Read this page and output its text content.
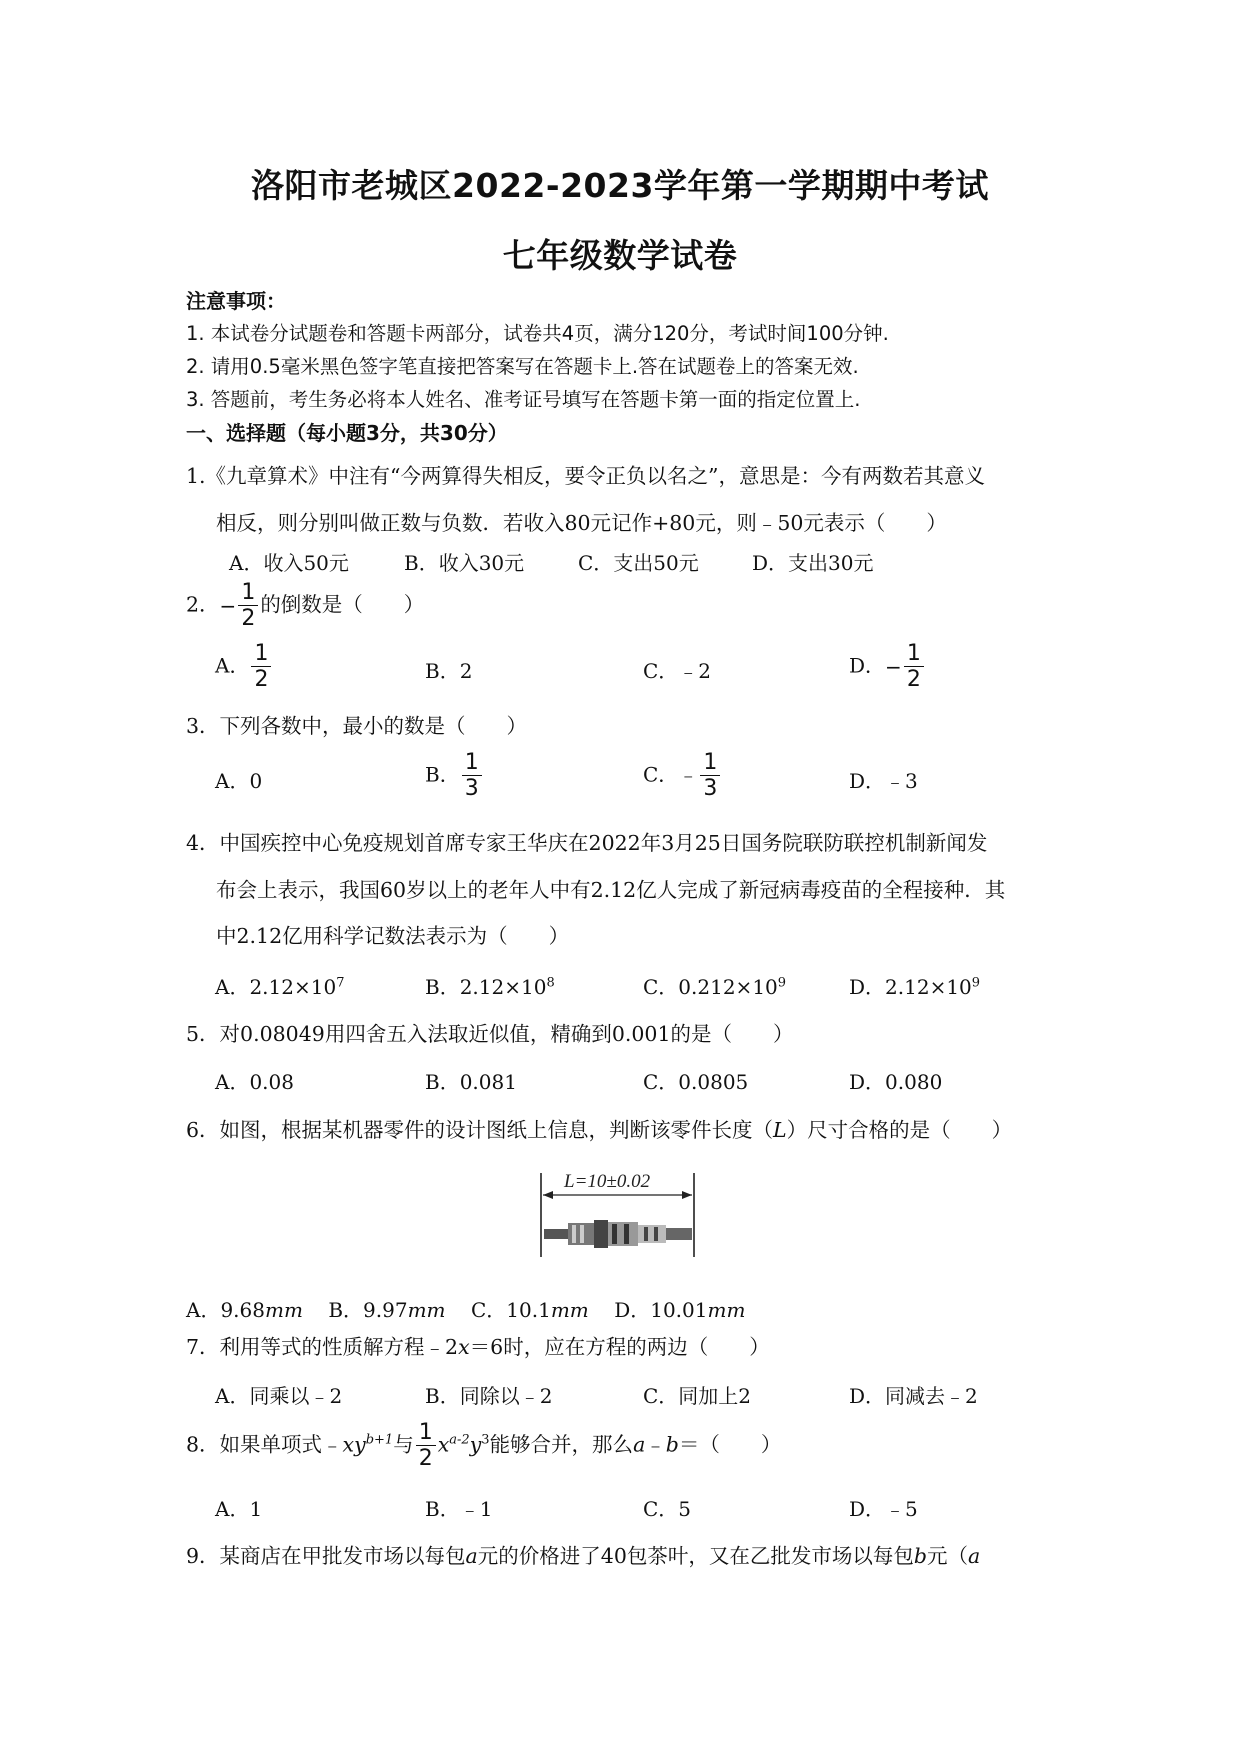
洛阳市老城区2022-2023学年第一学期期中考试
七年级数学试卷
注意事项：
1. 本试卷分试题卷和答题卡两部分，试卷共4页，满分120分，考试时间100分钟.
2. 请用0.5毫米黑色签字笔直接把答案写在答题卡上.答在试题卷上的答案无效.
3. 答题前，考生务必将本人姓名、准考证号填写在答题卡第一面的指定位置上.
一、选择题（每小题3分，共30分）
1.《九章算术》中注有“今两算得失相反，要令正负以名之”，意思是：今有两数若其意义
相反，则分别叫做正数与负数．若收入80元记作+80元，则﹣50元表示（　　）
A．收入50元	B．收入30元	C．支出50元	D．支出30元
2．− $\frac{1}{2}$ 的倒数是（　　）
A． $\frac{1}{2}$	B．2	C．﹣2	D．− $\frac{1}{2}$
3．下列各数中，最小的数是（　　）
A．0	B． $\frac{1}{3}$	C．﹣ $\frac{1}{3}$	D．﹣3
4．中国疾控中心免疫规划首席专家王华庆在2022年3月25日国务院联防联控机制新闻发
布会上表示，我国60岁以上的老年人中有2.12亿人完成了新冠病毒疫苗的全程接种．其
中2.12亿用科学记数法表示为（　　）
A．$2.12\times 10^7$	B．$2.12\times 10^8$	C．$0.212\times 10^9$	D．$2.12\times 10^9$
5．对0.08049用四舍五入法取近似值，精确到0.001的是（　　）
A．0.08	B．0.081	C．0.0805	D．0.080
6．如图，根据某机器零件的设计图纸上信息，判断该零件长度（L）尺寸合格的是（　　）
L=10±0.02
A．9.68mm B．9.97mm C．10.1mm D．10.01mm
7．利用等式的性质解方程﹣2x＝6时，应在方程的两边（　　）
A．同乘以﹣2	B．同除以﹣2	C．同加上2	D．同减去﹣2
8．如果单项式$﹣xy^{b+1}$与 $\frac{1}{2} x^{a-2}y^3$能够合并，那么a﹣b＝（　　）
A．1	B．﹣1	C．5	D．﹣5
9．某商店在甲批发市场以每包a元的价格进了40包茶叶，又在乙批发市场以每包b元（a
